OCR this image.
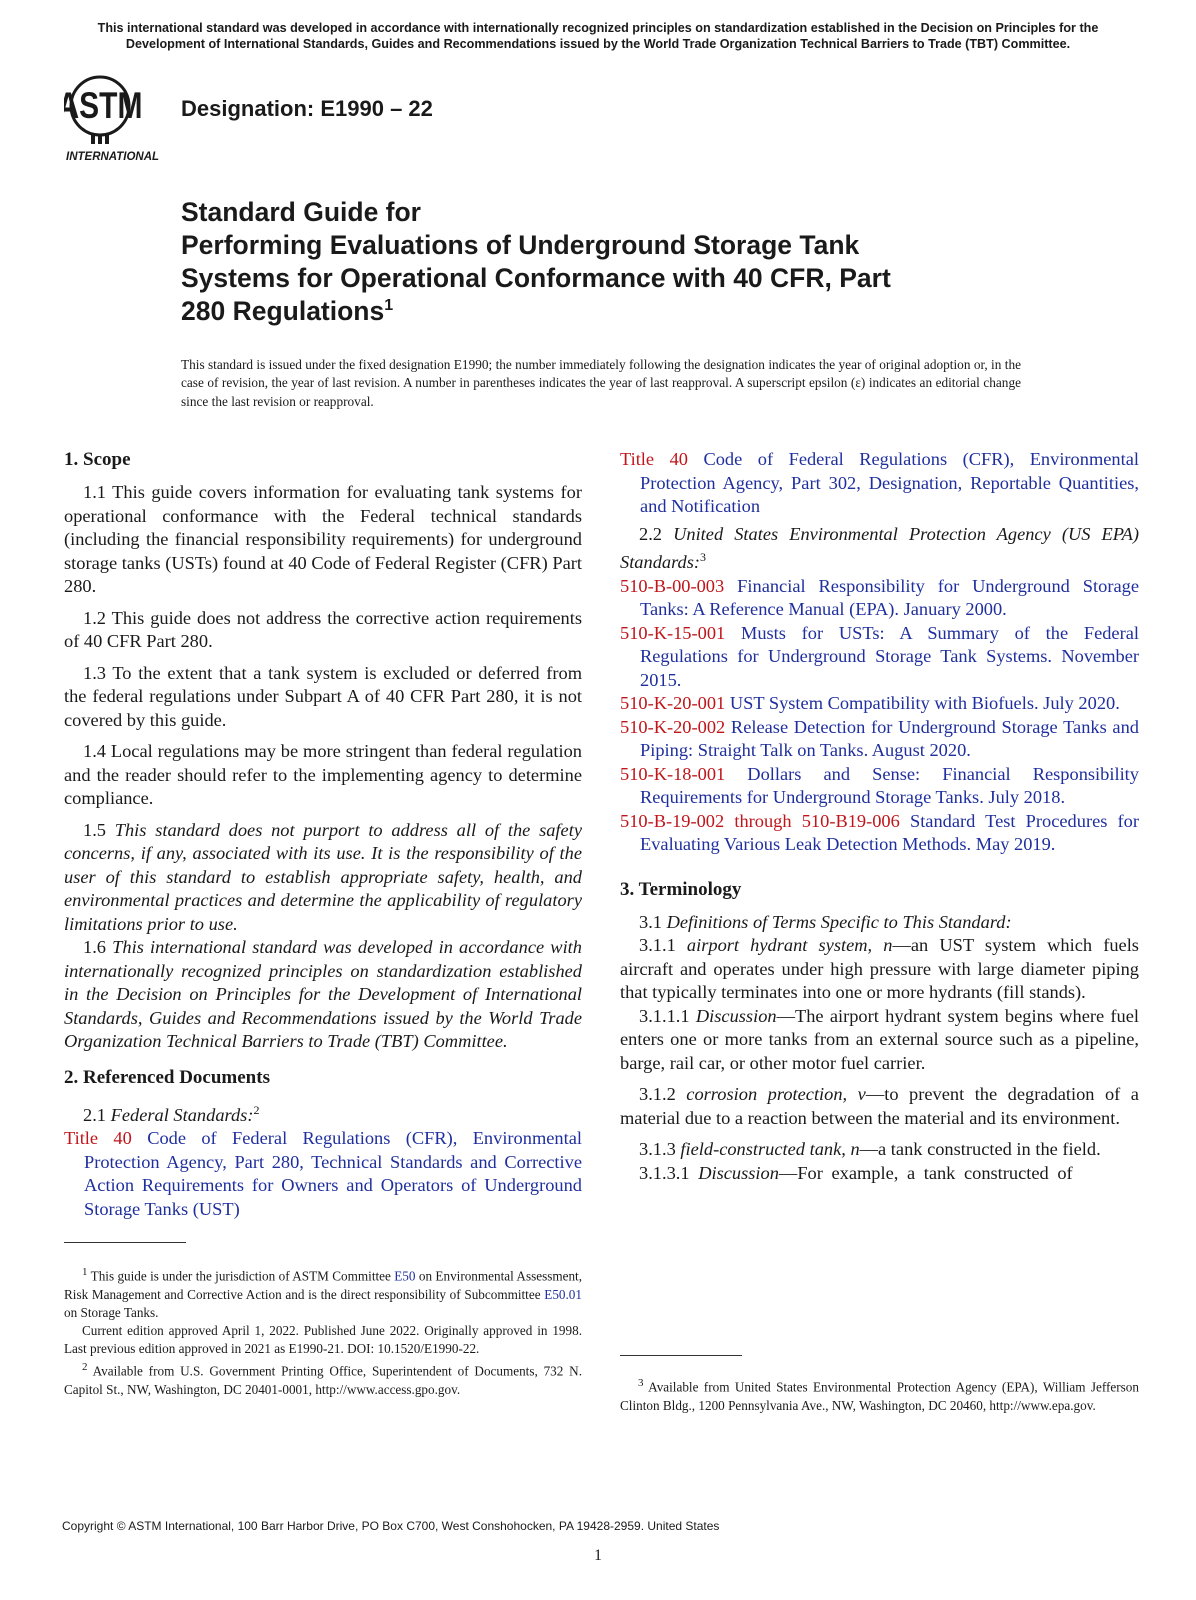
This international standard was developed in accordance with internationally recognized principles on standardization established in the Decision on Principles for the Development of International Standards, Guides and Recommendations issued by the World Trade Organization Technical Barriers to Trade (TBT) Committee.
ASTM
INTERNATIONAL
Designation: E1990 – 22
Standard Guide for
Performing Evaluations of Underground Storage Tank
Systems for Operational Conformance with 40 CFR, Part
280 Regulations$^1$
This standard is issued under the fixed designation E1990; the number immediately following the designation indicates the year of original adoption or, in the case of revision, the year of last revision. A number in parentheses indicates the year of last reapproval. A superscript epsilon (ε) indicates an editorial change since the last revision or reapproval.
1. Scope

1.1 This guide covers information for evaluating tank systems for operational conformance with the Federal technical standards (including the financial responsibility requirements) for underground storage tanks (USTs) found at 40 Code of Federal Register (CFR) Part 280.

1.2 This guide does not address the corrective action requirements of 40 CFR Part 280.

1.3 To the extent that a tank system is excluded or deferred from the federal regulations under Subpart A of 40 CFR Part 280, it is not covered by this guide.

1.4 Local regulations may be more stringent than federal regulation and the reader should refer to the implementing agency to determine compliance.

1.5 This standard does not purport to address all of the safety concerns, if any, associated with its use. It is the responsibility of the user of this standard to establish appropriate safety, health, and environmental practices and determine the applicability of regulatory limitations prior to use.

1.6 This international standard was developed in accordance with internationally recognized principles on standardization established in the Decision on Principles for the Development of International Standards, Guides and Recommendations issued by the World Trade Organization Technical Barriers to Trade (TBT) Committee.

2. Referenced Documents

2.1 Federal Standards:$^2$

Title 40 Code of Federal Regulations (CFR), Environmental Protection Agency, Part 280, Technical Standards and Corrective Action Requirements for Owners and Operators of Underground Storage Tanks (UST)

$^1$ This guide is under the jurisdiction of ASTM Committee E50 on Environmental Assessment, Risk Management and Corrective Action and is the direct responsibility of Subcommittee E50.01 on Storage Tanks.

Current edition approved April 1, 2022. Published June 2022. Originally approved in 1998. Last previous edition approved in 2021 as E1990-21. DOI: 10.1520/E1990-22.

$^2$ Available from U.S. Government Printing Office, Superintendent of Documents, 732 N. Capitol St., NW, Washington, DC 20401-0001, http://www.access.gpo.gov.

Title 40 Code of Federal Regulations (CFR), Environmental Protection Agency, Part 302, Designation, Reportable Quantities, and Notification

2.2 United States Environmental Protection Agency (US EPA) Standards:$^3$

510-B-00-003 Financial Responsibility for Underground Storage Tanks: A Reference Manual (EPA). January 2000.

510-K-15-001 Musts for USTs: A Summary of the Federal Regulations for Underground Storage Tank Systems. November 2015.

510-K-20-001 UST System Compatibility with Biofuels. July 2020.

510-K-20-002 Release Detection for Underground Storage Tanks and Piping: Straight Talk on Tanks. August 2020.

510-K-18-001 Dollars and Sense: Financial Responsibility Requirements for Underground Storage Tanks. July 2018.

510-B-19-002 through 510-B19-006 Standard Test Procedures for Evaluating Various Leak Detection Methods. May 2019.

3. Terminology

3.1 Definitions of Terms Specific to This Standard:

3.1.1 airport hydrant system, n—an UST system which fuels aircraft and operates under high pressure with large diameter piping that typically terminates into one or more hydrants (fill stands).

3.1.1.1 Discussion—The airport hydrant system begins where fuel enters one or more tanks from an external source such as a pipeline, barge, rail car, or other motor fuel carrier.

3.1.2 corrosion protection, v—to prevent the degradation of a material due to a reaction between the material and its environment.

3.1.3 field-constructed tank, n—a tank constructed in the field.

3.1.3.1 Discussion—For example, a tank constructed of

$^3$ Available from United States Environmental Protection Agency (EPA), William Jefferson Clinton Bldg., 1200 Pennsylvania Ave., NW, Washington, DC 20460, http://www.epa.gov.

Copyright © ASTM International, 100 Barr Harbor Drive, PO Box C700, West Conshohocken, PA 19428-2959. United States
1
